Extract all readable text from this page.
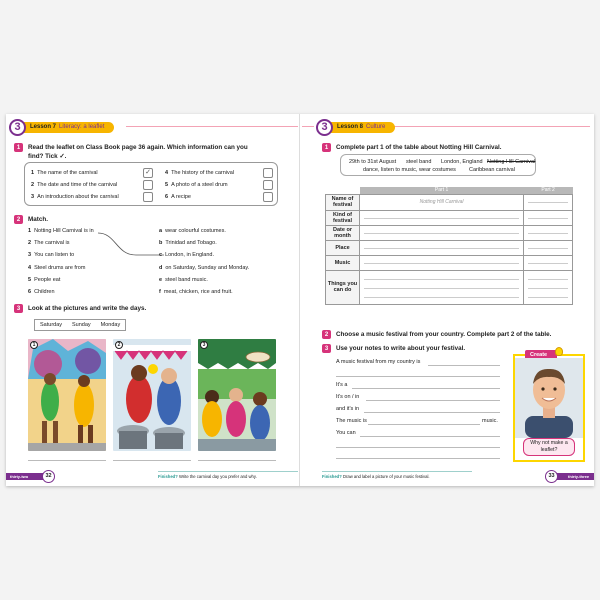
3	Lesson 7 Literacy: a leaflet
1	Read the leaflet on Class Book page 36 again. Which information can you find? Tick ✓.
1 The name of the carnival
2 The date and time of the carnival
3 An introduction about the carnival
✓	4 The history of the carnival
5 A photo of a steel drum
6 A recipe
2	Match.
1 Notting Hill Carnival is in
2 The carnival is
3 You can listen to
4 Steel drums are from
5 People eat
6 Children
a wear colourful costumes.
b Trinidad and Tobago.
c London, in England.
d on Saturday, Sunday and Monday.
e steel band music.
f meat, chicken, rice and fruit.
3	Look at the pictures and write the days.
Saturday	Sunday	Monday
1	2	3
thirty-two	32	Finished? Write the carnival day you prefer and why.
3	Lesson 8 Culture
1	Complete part 1 of the table about Notting Hill Carnival.
29th to 31st August steel band London, England Notting Hill Carnival
dance, listen to music, wear costumes Caribbean carnival
	Part 1	Part 2
Name of festival	Notting Hill Carnival	

Kind of festival	

Date or month	

Place	

Music	

Things you can do	

2	Choose a music festival from your country. Complete part 2 of the table.
3	Use your notes to write about your festival.
A music festival from my country is
It's a
It's on / in
and it's in
The music is	music.
You can
Create
Why not make a leaflet?
Finished? Draw and label a picture of your music festival.	thirty-three
33
